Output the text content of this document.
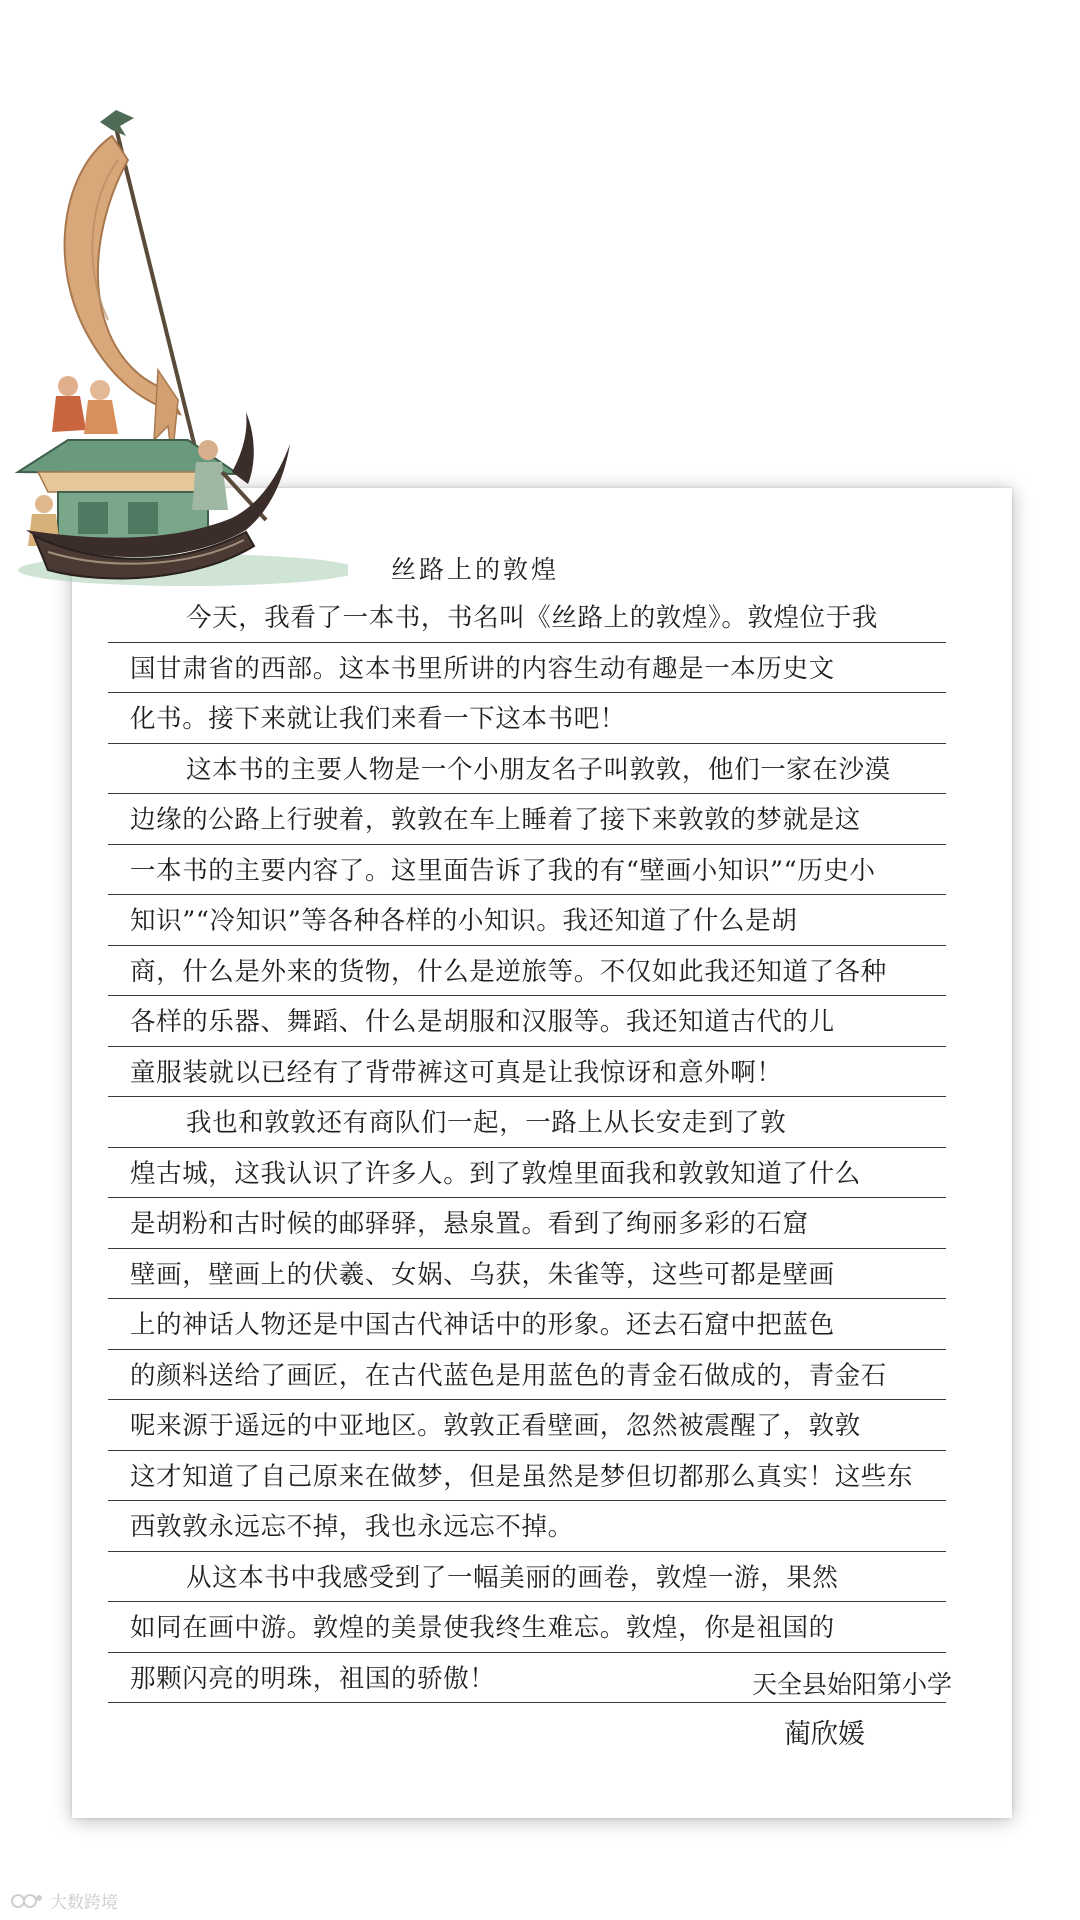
丝路上的敦煌
今天，我看了一本书，书名叫《丝路上的敦煌》。敦煌位于我
国甘肃省的西部。这本书里所讲的内容生动有趣是一本历史文
化书。接下来就让我们来看一下这本书吧！
这本书的主要人物是一个小朋友名子叫敦敦，他们一家在沙漠
边缘的公路上行驶着，敦敦在车上睡着了接下来敦敦的梦就是这
一本书的主要内容了。这里面告诉了我的有“壁画小知识”“历史小
知识”“冷知识”等各种各样的小知识。我还知道了什么是胡
商，什么是外来的货物，什么是逆旅等。不仅如此我还知道了各种
各样的乐器、舞蹈、什么是胡服和汉服等。我还知道古代的儿
童服装就以已经有了背带裤这可真是让我惊讶和意外啊！
我也和敦敦还有商队们一起，一路上从长安走到了敦
煌古城，这我认识了许多人。到了敦煌里面我和敦敦知道了什么
是胡粉和古时候的邮驿驿，悬泉置。看到了绚丽多彩的石窟
壁画，壁画上的伏羲、女娲、乌获，朱雀等，这些可都是壁画
上的神话人物还是中国古代神话中的形象。还去石窟中把蓝色
的颜料送给了画匠，在古代蓝色是用蓝色的青金石做成的，青金石
呢来源于遥远的中亚地区。敦敦正看壁画，忽然被震醒了，敦敦
这才知道了自己原来在做梦，但是虽然是梦但切都那么真实！这些东
西敦敦永远忘不掉，我也永远忘不掉。
从这本书中我感受到了一幅美丽的画卷，敦煌一游，果然
如同在画中游。敦煌的美景使我终生难忘。敦煌，你是祖国的
那颗闪亮的明珠，祖国的骄傲！	天全县始阳第小学
蔺欣媛
大数跨境
